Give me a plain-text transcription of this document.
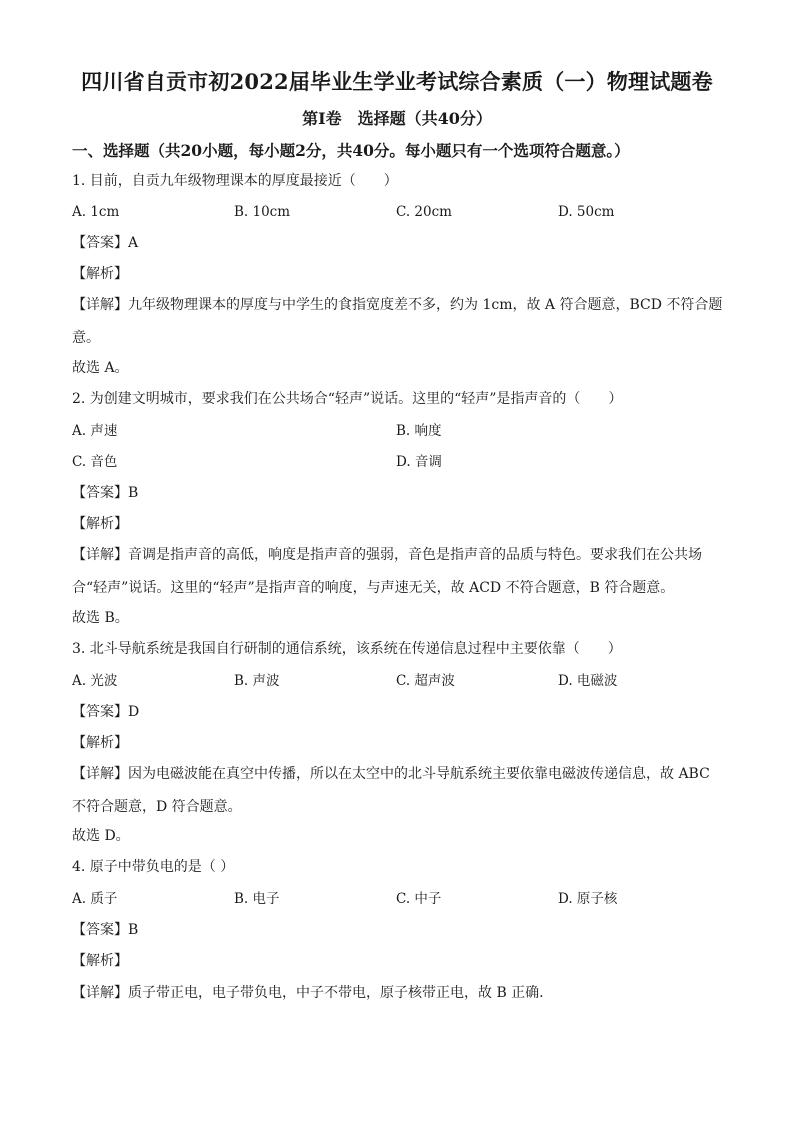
四川省自贡市初2022届毕业生学业考试综合素质（一）物理试题卷
第Ⅰ卷　选择题（共40分）
一、选择题（共20小题，每小题2分，共40分。每小题只有一个选项符合题意。）
1. 目前，自贡九年级物理课本的厚度最接近（　　）
A. 1cm	B. 10cm	C. 20cm	D. 50cm
【答案】A
【解析】
【详解】九年级物理课本的厚度与中学生的食指宽度差不多，约为 1cm，故 A 符合题意，BCD 不符合题意。
故选 A。
2. 为创建文明城市，要求我们在公共场合“轻声”说话。这里的“轻声”是指声音的（　　）
A. 声速	B. 响度
C. 音色	D. 音调
【答案】B
【解析】
【详解】音调是指声音的高低，响度是指声音的强弱，音色是指声音的品质与特色。要求我们在公共场合“轻声”说话。这里的“轻声”是指声音的响度，与声速无关，故 ACD 不符合题意，B 符合题意。
故选 B。
3. 北斗导航系统是我国自行研制的通信系统，该系统在传递信息过程中主要依靠（　　）
A. 光波	B. 声波	C. 超声波	D. 电磁波
【答案】D
【解析】
【详解】因为电磁波能在真空中传播，所以在太空中的北斗导航系统主要依靠电磁波传递信息，故 ABC 不符合题意，D 符合题意。
故选 D。
4. 原子中带负电的是（ ）
A. 质子	B. 电子	C. 中子	D. 原子核
【答案】B
【解析】
【详解】质子带正电，电子带负电，中子不带电，原子核带正电，故 B 正确.
